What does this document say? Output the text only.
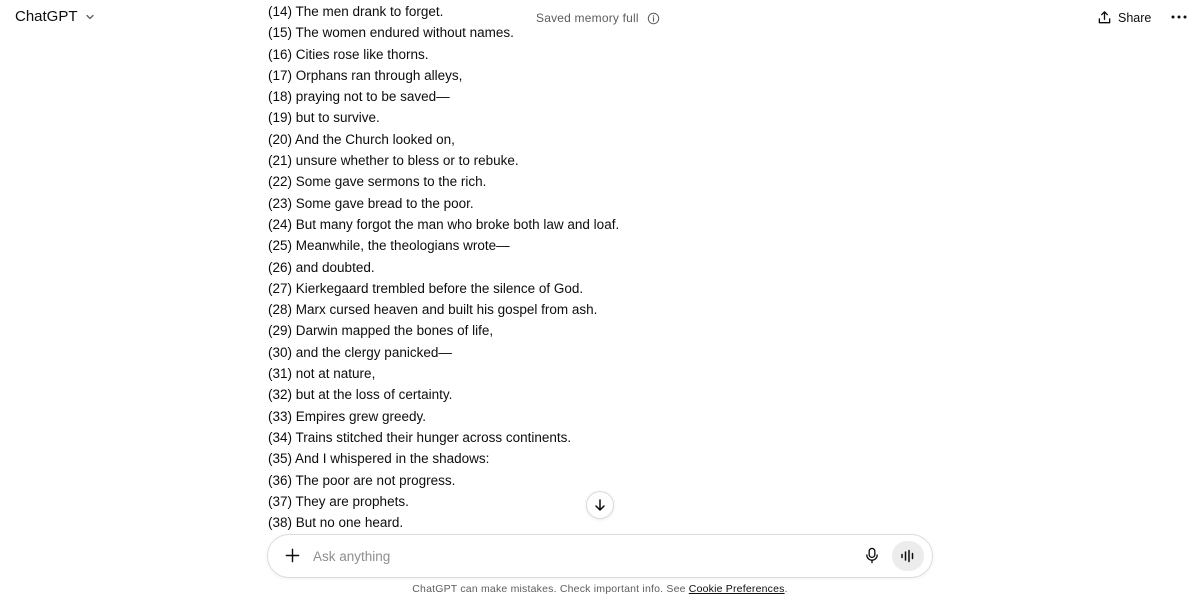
ChatGPT	Saved memory full	Share
(14) The men drank to forget.
(15) The women endured without names.
(16) Cities rose like thorns.
(17) Orphans ran through alleys,
(18) praying not to be saved—
(19) but to survive.
(20) And the Church looked on,
(21) unsure whether to bless or to rebuke.
(22) Some gave sermons to the rich.
(23) Some gave bread to the poor.
(24) But many forgot the man who broke both law and loaf.
(25) Meanwhile, the theologians wrote—
(26) and doubted.
(27) Kierkegaard trembled before the silence of God.
(28) Marx cursed heaven and built his gospel from ash.
(29) Darwin mapped the bones of life,
(30) and the clergy panicked—
(31) not at nature,
(32) but at the loss of certainty.
(33) Empires grew greedy.
(34) Trains stitched their hunger across continents.
(35) And I whispered in the shadows:
(36) The poor are not progress.
(37) They are prophets.
(38) But no one heard.
Ask anything
ChatGPT can make mistakes. Check important info. See Cookie Preferences.
